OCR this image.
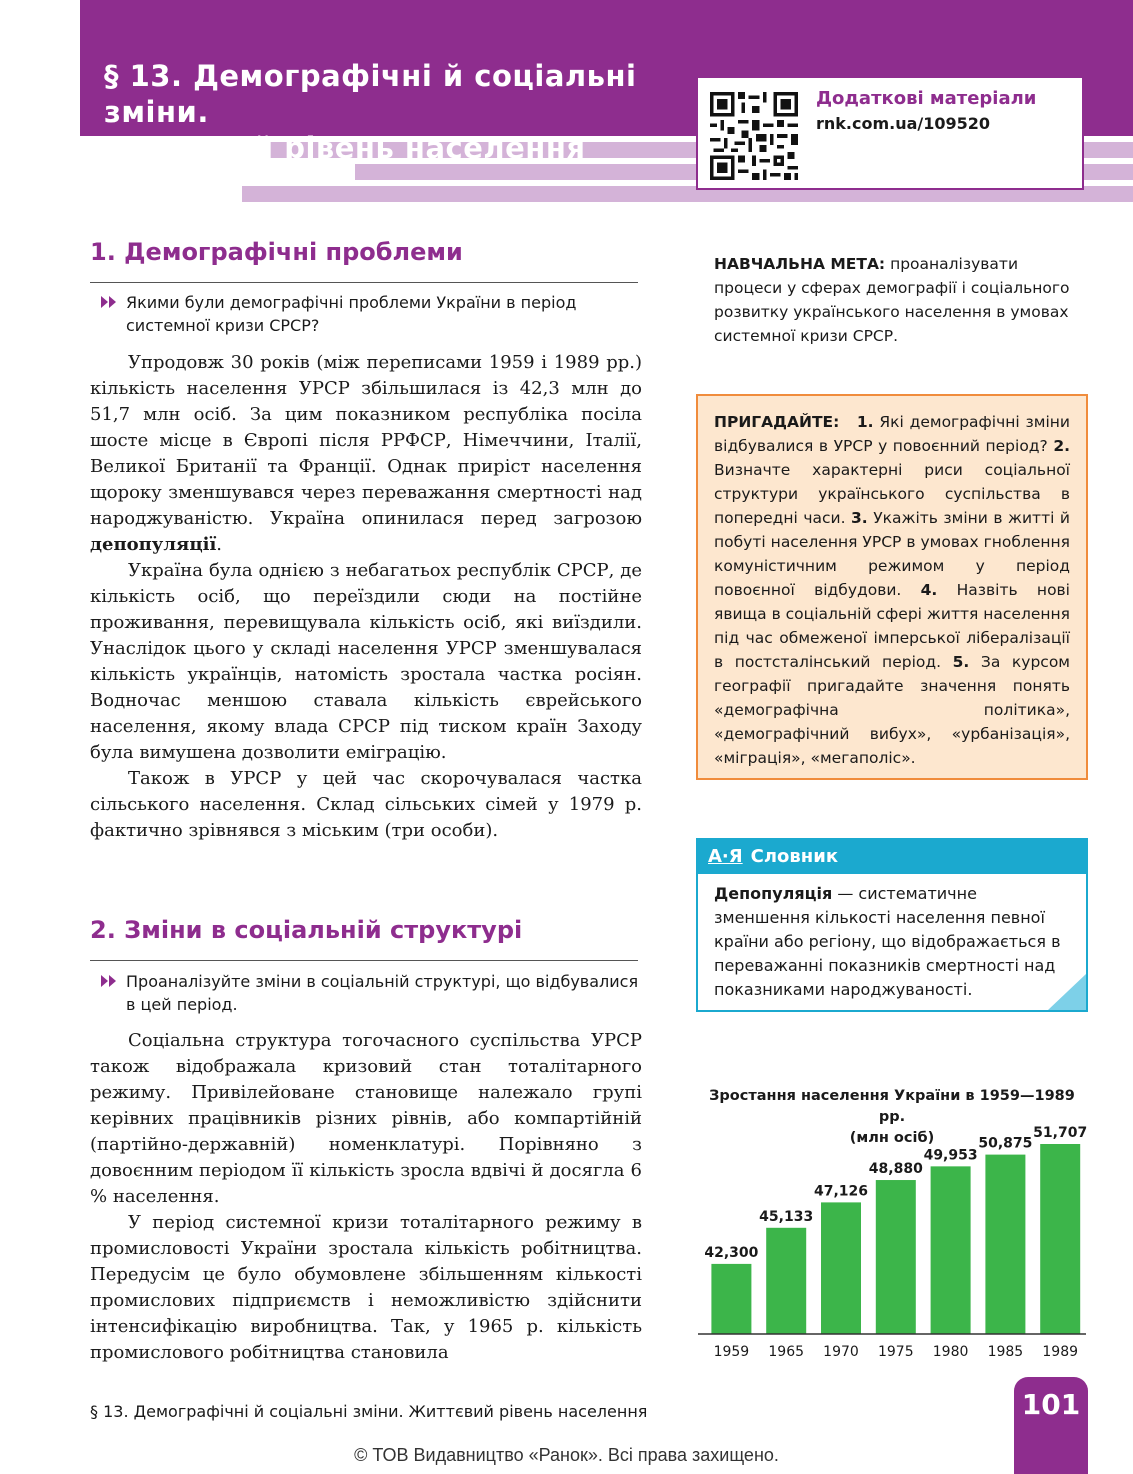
§ 13. Демографічні й соціальні зміни.
Життєвий рівень населення
Додаткові матеріали
rnk.com.ua/109520
1. Демографічні проблеми
Якими були демографічні проблеми України в період системної кризи СРСР?

Упродовж 30 років (між переписами 1959 і 1989 рр.) кількість населення УРСР збільшилася із 42,3 млн до 51,7 млн осіб. За цим показником республіка посіла шосте місце в Європі після РРФСР, Німеччини, Італії, Великої Британії та Франції. Однак приріст населення щороку зменшувався через переважання смертності над народжуваністю. Україна опинилася перед загрозою депопуляції.

Україна була однією з небагатьох республік СРСР, де кількість осіб, що переїздили сюди на постійне проживання, перевищувала кількість осіб, які виїздили. Унаслідок цього у складі населення УРСР зменшувалася кількість українців, натомість зростала частка росіян. Водночас меншою ставала кількість єврейського населення, якому влада СРСР під тиском країн Заходу була вимушена дозволити еміграцію.

Також в УРСР у цей час скорочувалася частка сільського населення. Склад сільських сімей у 1979 р. фактично зрівнявся з міським (три особи).

2. Зміни в соціальній структурі
Проаналізуйте зміни в соціальній структурі, що відбувалися в цей період.

Соціальна структура тогочасного суспільства УРСР також відображала кризовий стан тоталітарного режиму. Привілейоване становище належало групі керівних працівників різних рівнів, або компартійній (партійно-державній) номенклатурі. Порівняно з довоєнним періодом її кількість зросла вдвічі й досягла 6 % населення.

У період системної кризи тоталітарного режиму в промисловості України зростала кількість робітництва. Передусім це було обумовлене збільшенням кількості промислових підприємств і неможливістю здійснити інтенсифікацію виробництва. Так, у 1965 р. кількість промислового робітництва становила

НАВЧАЛЬНА МЕТА: проаналізувати процеси у сферах демографії і соціального розвитку українського населення в умовах системної кризи СРСР.
ПРИГАДАЙТЕ: 1. Які демографічні зміни відбувалися в УРСР у повоєнний період? 2. Визначте характерні риси соціальної структури українського суспільства в попередні часи. 3. Укажіть зміни в житті й побуті населення УРСР в умовах гноблення комуністичним режимом у період повоєнної відбудови. 4. Назвіть нові явища в соціальній сфері життя населення під час обмеженої імперської лібералізації в постсталінський період. 5. За курсом географії пригадайте значення понять «демографічна політика», «демографічний вибух», «урбанізація», «міграція», «мегаполіс».
А·Я Словник
Депопуляція — систематичне зменшення кількості населення певної країни або регіону, що відображається в переважанні показників смертності над показниками народжуваності.
Зростання населення України в 1959—1989 рр.
(млн осіб)
42,300
1959
45,133
1965
47,126
1970
48,880
1975
49,953
1980
50,875
1985
51,707
1989
§ 13. Демографічні й соціальні зміни. Життєвий рівень населення	101
© ТОВ Видавництво «Ранок». Всі права захищено.
